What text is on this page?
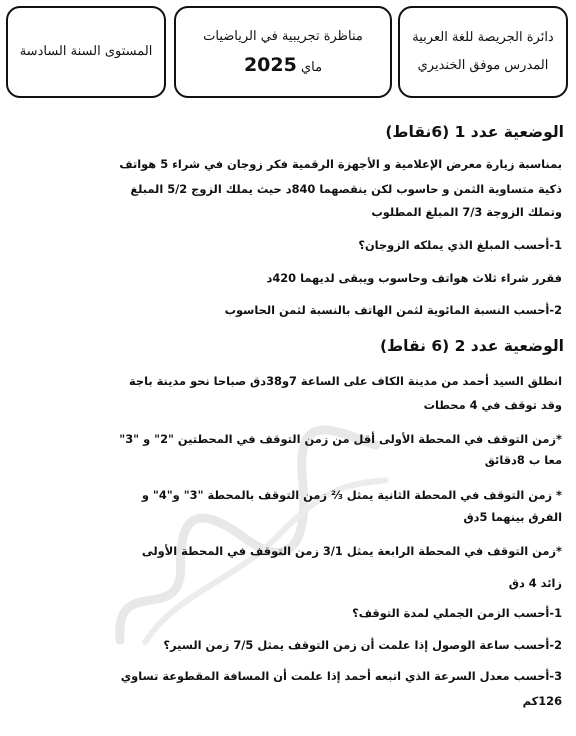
دائرة الجريصة للغة العربية
المدرس موفق الخنديري
مناظرة تجريبية في الرياضيات
ماي 2025
المستوى السنة السادسة
الوضعية عدد 1 (6نقاط)
بمناسبة زيارة معرض الإعلامية و الأجهزة الرقمية فكر زوجان في شراء 5 هواتف
ذكية متساوية الثمن و حاسوب لكن ينقصهما 840د حيث يملك الزوج 5/2 المبلغ
وتملك الزوجة 7/3 المبلغ المطلوب
1-أحسب المبلغ الذي يملكه الزوجان؟
فقرر شراء ثلاث هواتف وحاسوب ويبقى لديهما 420د
2-أحسب النسبة المائوية لثمن الهاتف بالنسبة لثمن الحاسوب
الوضعية عدد 2 (6 نقاط)
انطلق السيد أحمد من مدينة الكاف على الساعة 7و38دق صباحا نحو مدينة باجة
وقد توقف في 4 محطات
*زمن التوقف في المحطة الأولى أقل من زمن التوقف في المحطتين "2" و "3"
معا ب 8دقائق
* زمن التوقف في المحطة الثانية يمثل ⅔ زمن التوقف بالمحطة "3" و"4" و
الفرق بينهما 5دق
*زمن التوقف في المحطة الرابعة يمثل 3/1 زمن التوقف في المحطة الأولى
زائد 4 دق
1-أحسب الزمن الجملي لمدة التوقف؟
2-أحسب ساعة الوصول إذا علمت أن زمن التوقف يمثل 7/5 زمن السير؟
3-أحسب معدل السرعة الذي اتبعه أحمد إذا علمت أن المسافة المقطوعة تساوي
126كم
